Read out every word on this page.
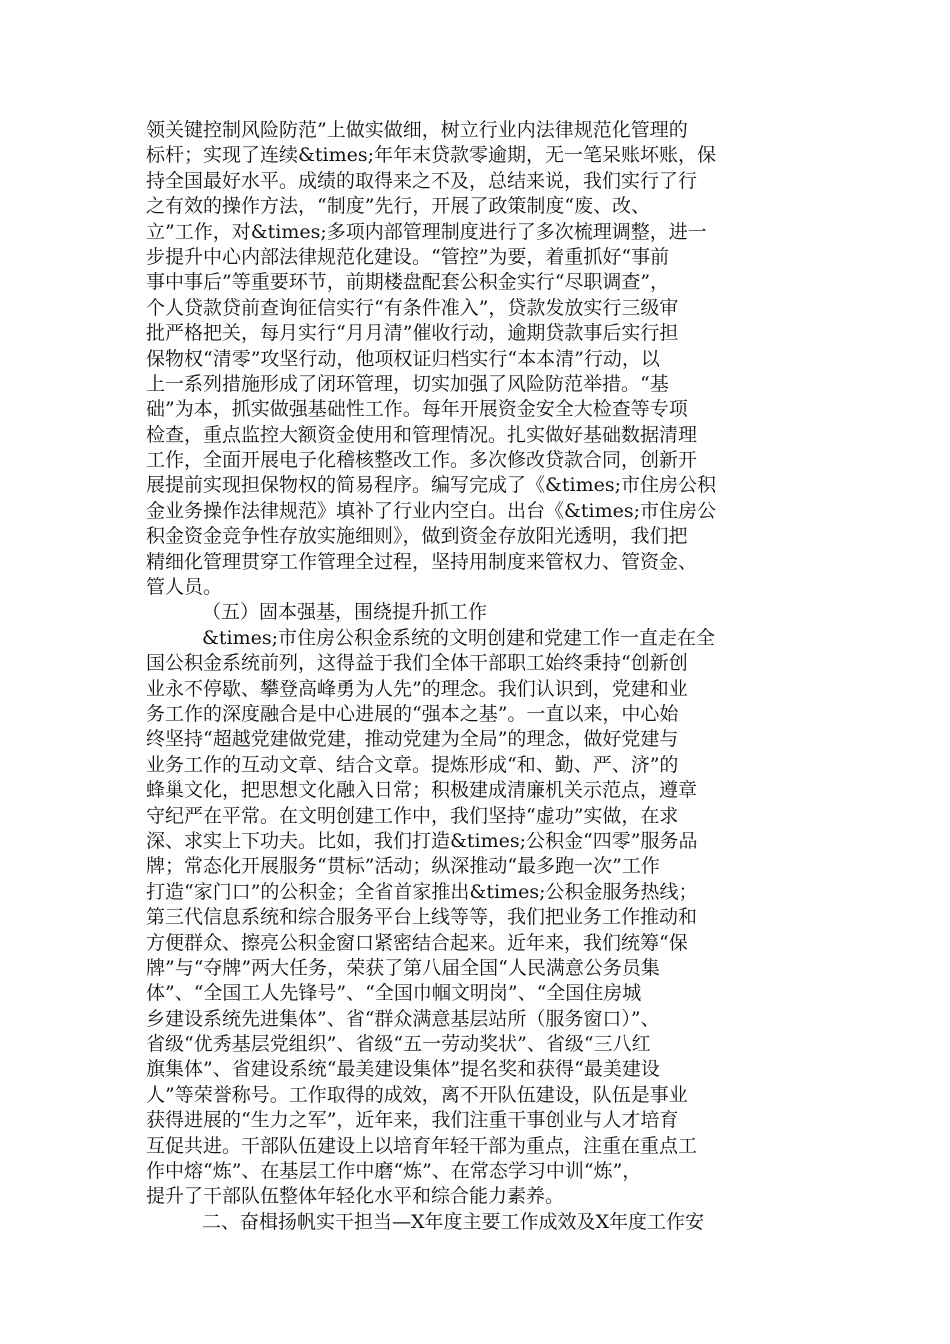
领关键控制风险防范”上做实做细，树立行业内法律规范化管理的
标杆；实现了连续&times;年年末贷款零逾期，无一笔呆账坏账，保
持全国最好水平。成绩的取得来之不及，总结来说，我们实行了行
之有效的操作方法，“制度”先行，开展了政策制度“废、改、
立”工作，对&times;多项内部管理制度进行了多次梳理调整，进一
步提升中心内部法律规范化建设。“管控”为要，着重抓好“事前
事中事后”等重要环节，前期楼盘配套公积金实行“尽职调查”，
个人贷款贷前查询征信实行“有条件准入”，贷款发放实行三级审
批严格把关，每月实行“月月清”催收行动，逾期贷款事后实行担
保物权“清零”攻坚行动，他项权证归档实行“本本清”行动，以
上一系列措施形成了闭环管理，切实加强了风险防范举措。“基
础”为本，抓实做强基础性工作。每年开展资金安全大检查等专项
检查，重点监控大额资金使用和管理情况。扎实做好基础数据清理
工作，全面开展电子化稽核整改工作。多次修改贷款合同，创新开
展提前实现担保物权的简易程序。编写完成了《&times;市住房公积
金业务操作法律规范》填补了行业内空白。出台《&times;市住房公
积金资金竞争性存放实施细则》，做到资金存放阳光透明，我们把
精细化管理贯穿工作管理全过程，坚持用制度来管权力、管资金、
管人员。
（五）固本强基，围绕提升抓工作
&times;市住房公积金系统的文明创建和党建工作一直走在全
国公积金系统前列，这得益于我们全体干部职工始终秉持“创新创
业永不停歇、攀登高峰勇为人先”的理念。我们认识到，党建和业
务工作的深度融合是中心进展的“强本之基”。一直以来，中心始
终坚持“超越党建做党建，推动党建为全局”的理念，做好党建与
业务工作的互动文章、结合文章。提炼形成“和、勤、严、济”的
蜂巢文化，把思想文化融入日常；积极建成清廉机关示范点，遵章
守纪严在平常。在文明创建工作中，我们坚持“虚功”实做，在求
深、求实上下功夫。比如，我们打造&times;公积金“四零”服务品
牌；常态化开展服务“贯标”活动；纵深推动“最多跑一次”工作
打造“家门口”的公积金；全省首家推出&times;公积金服务热线；
第三代信息系统和综合服务平台上线等等，我们把业务工作推动和
方便群众、擦亮公积金窗口紧密结合起来。近年来，我们统筹“保
牌”与“夺牌”两大任务，荣获了第八届全国“人民满意公务员集
体”、“全国工人先锋号”、“全国巾帼文明岗”、“全国住房城
乡建设系统先进集体”、省“群众满意基层站所（服务窗口）”、
省级“优秀基层党组织”、省级“五一劳动奖状”、省级“三八红
旗集体”、省建设系统“最美建设集体”提名奖和获得“最美建设
人”等荣誉称号。工作取得的成效，离不开队伍建设，队伍是事业
获得进展的“生力之军”，近年来，我们注重干事创业与人才培育
互促共进。干部队伍建设上以培育年轻干部为重点，注重在重点工
作中熔“炼”、在基层工作中磨“炼”、在常态学习中训“炼”，
提升了干部队伍整体年轻化水平和综合能力素养。
二、奋楫扬帆实干担当—X年度主要工作成效及X年度工作安
